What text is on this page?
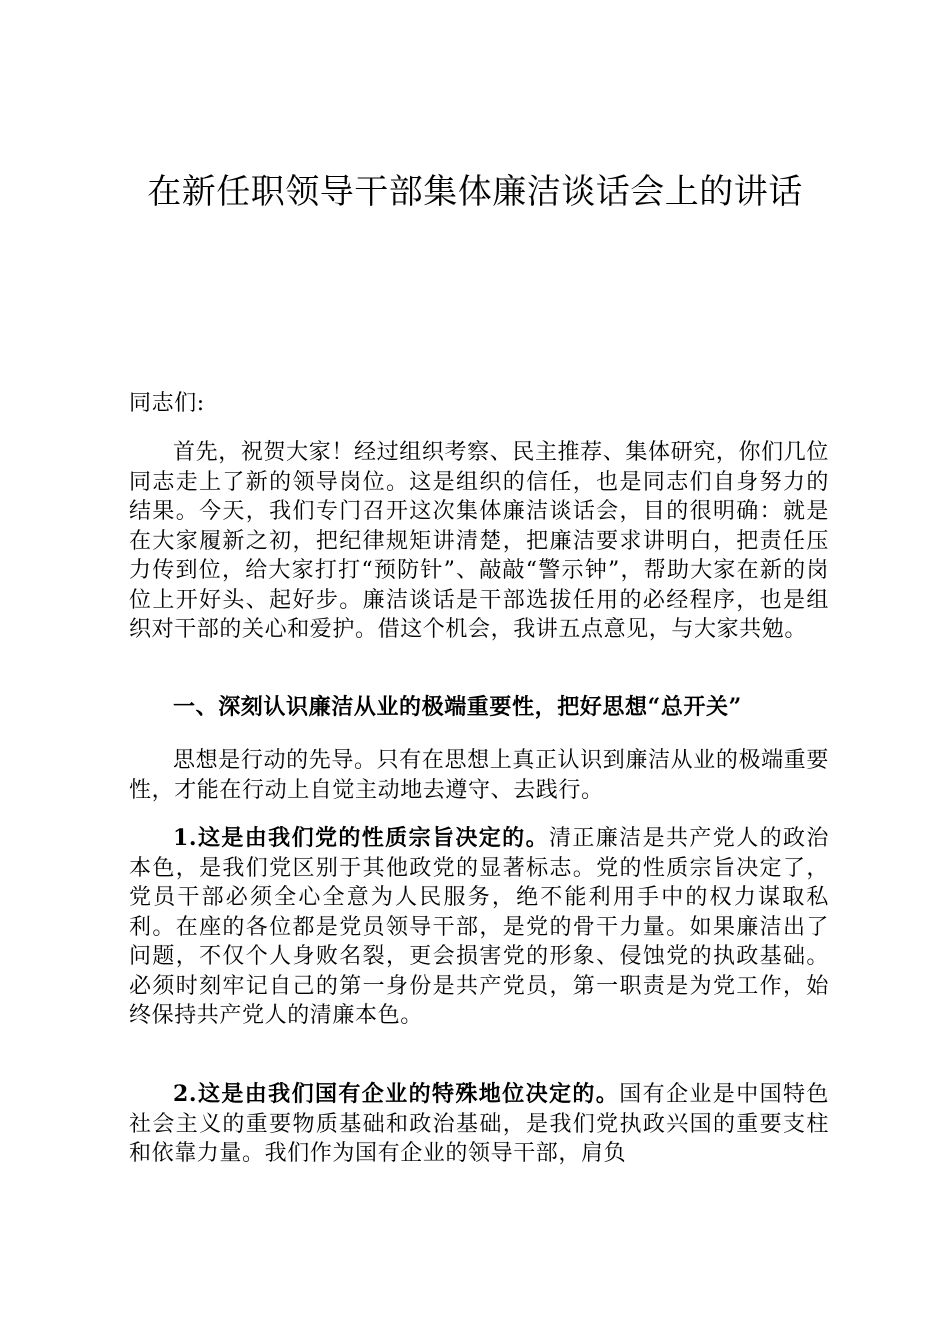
在新任职领导干部集体廉洁谈话会上的讲话
同志们:
首先，祝贺大家！经过组织考察、民主推荐、集体研究，你们几位同志走上了新的领导岗位。这是组织的信任，也是同志们自身努力的结果。今天，我们专门召开这次集体廉洁谈话会，目的很明确：就是在大家履新之初，把纪律规矩讲清楚，把廉洁要求讲明白，把责任压力传到位，给大家打打“预防针”、敲敲“警示钟”，帮助大家在新的岗位上开好头、起好步。廉洁谈话是干部选拔任用的必经程序，也是组织对干部的关心和爱护。借这个机会，我讲五点意见，与大家共勉。
一、深刻认识廉洁从业的极端重要性，把好思想“总开关”
思想是行动的先导。只有在思想上真正认识到廉洁从业的极端重要性，才能在行动上自觉主动地去遵守、去践行。
1.这是由我们党的性质宗旨决定的。清正廉洁是共产党人的政治本色，是我们党区别于其他政党的显著标志。党的性质宗旨决定了，党员干部必须全心全意为人民服务，绝不能利用手中的权力谋取私利。在座的各位都是党员领导干部，是党的骨干力量。如果廉洁出了问题，不仅个人身败名裂，更会损害党的形象、侵蚀党的执政基础。必须时刻牢记自己的第一身份是共产党员，第一职责是为党工作，始终保持共产党人的清廉本色。
2.这是由我们国有企业的特殊地位决定的。国有企业是中国特色社会主义的重要物质基础和政治基础，是我们党执政兴国的重要支柱和依靠力量。我们作为国有企业的领导干部，肩负
